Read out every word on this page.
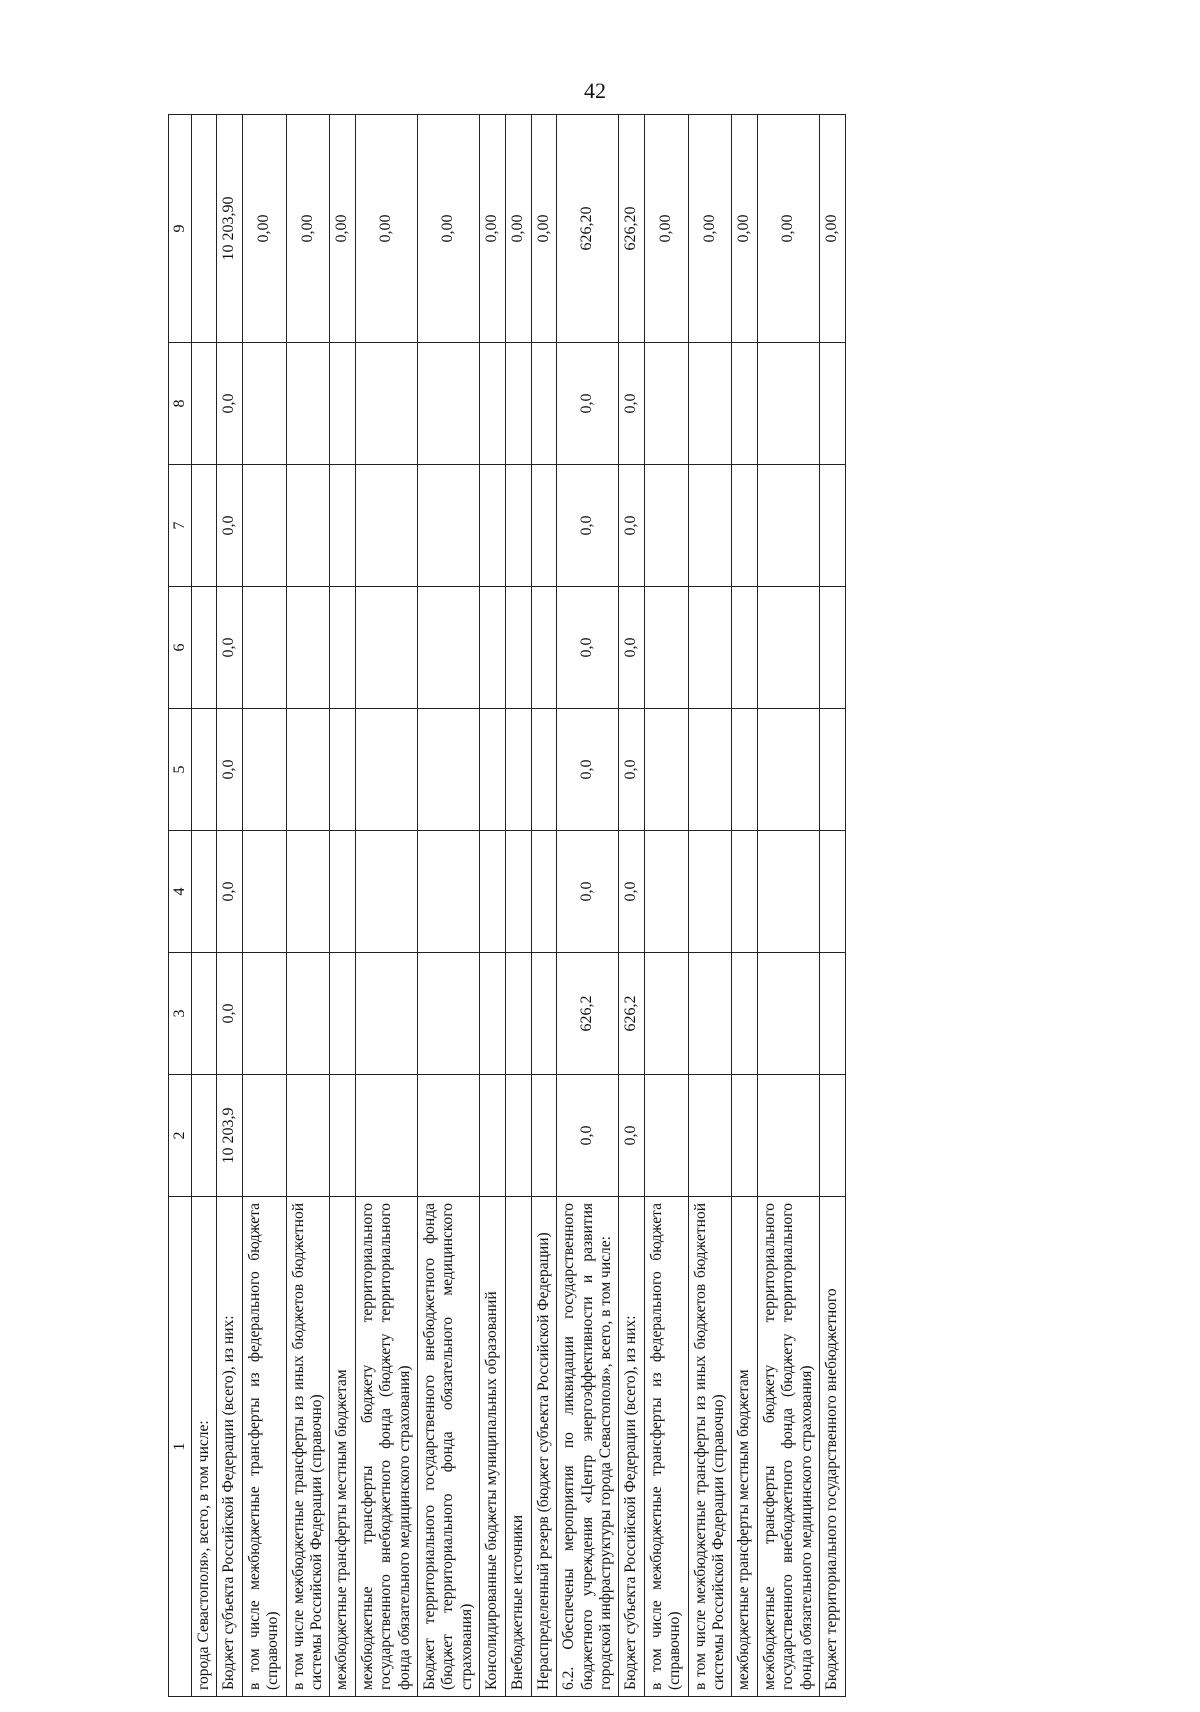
42
1	2	3	4	5	6	7	8	9
города Севастополя», всего, в том числе:								
Бюджет субъекта Российской Федерации (всего), из них:	10 203,9	0,0	0,0	0,0	0,0	0,0	0,0	10 203,90
в том числе межбюджетные трансферты из федерального бюджета (справочно)								0,00
в том числе межбюджетные трансферты из иных бюджетов бюджетной системы Российской Федерации (справочно)								0,00
межбюджетные трансферты местным бюджетам								0,00
межбюджетные трансферты бюджету территориального государственного внебюджетного фонда (бюджету территориального фонда обязательного медицинского страхования)								0,00
Бюджет территориального государственного внебюджетного фонда (бюджет территориального фонда обязательного медицинского страхования)								0,00
Консолидированные бюджеты муниципальных образований								0,00
Внебюджетные источники								0,00
Нераспределенный резерв (бюджет субъекта Российской Федерации)								0,00
6.2. Обеспечены мероприятия по ликвидации государственного бюджетного учреждения «Центр энергоэффективности и развития городской инфраструктуры города Севастополя», всего, в том числе:	0,0	626,2	0,0	0,0	0,0	0,0	0,0	626,20
Бюджет субъекта Российской Федерации (всего), из них:	0,0	626,2	0,0	0,0	0,0	0,0	0,0	626,20
в том числе межбюджетные трансферты из федерального бюджета (справочно)								0,00
в том числе межбюджетные трансферты из иных бюджетов бюджетной системы Российской Федерации (справочно)								0,00
межбюджетные трансферты местным бюджетам								0,00
межбюджетные трансферты бюджету территориального государственного внебюджетного фонда (бюджету территориального фонда обязательного медицинского страхования)								0,00
Бюджет территориального государственного внебюджетного								0,00
